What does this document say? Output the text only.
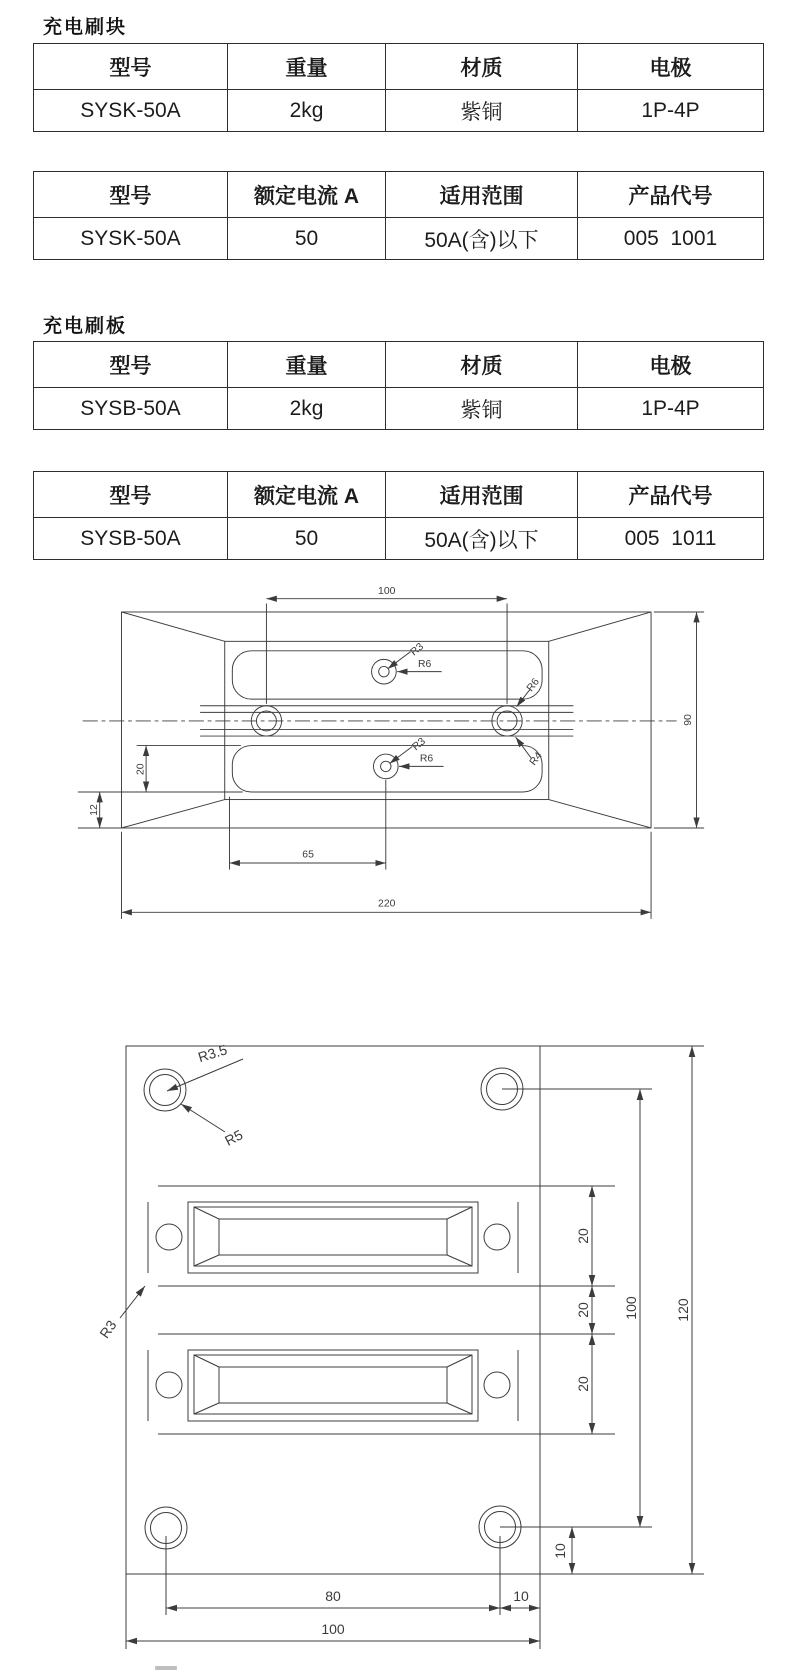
充电刷块
型号	重量	材质	电极
SYSK-50A	2kg	紫铜	1P-4P
型号	额定电流 A	适用范围	产品代号
SYSK-50A	50	50A(含)以下	005  1001
充电刷板
型号	重量	材质	电极
SYSB-50A	2kg	紫铜	1P-4P
型号	额定电流 A	适用范围	产品代号
SYSB-50A	50	50A(含)以下	005  1011
100
90
20
12
65
220
R3
R6
R3
R6
R6
R4
20
20
20
100	120
10
80	10
100
R3.5
R5
R3
